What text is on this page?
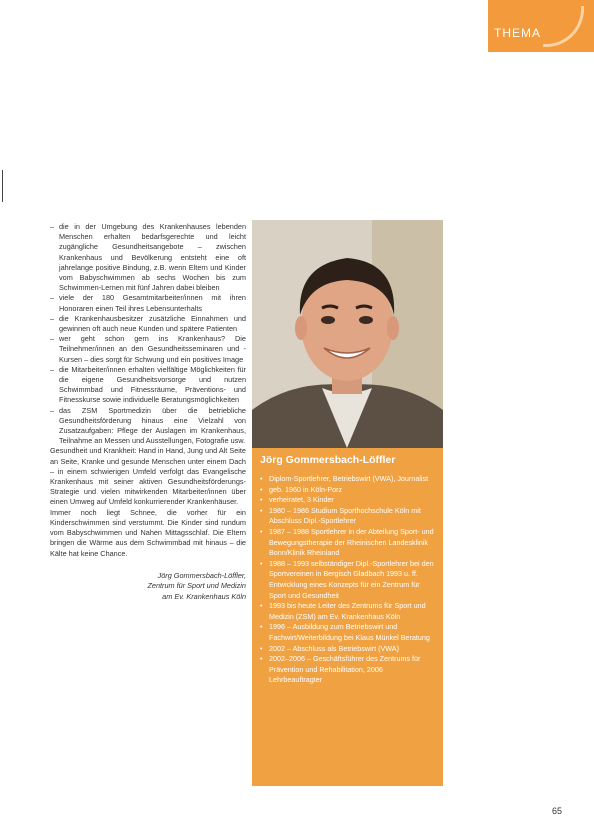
THEMA
– die in der Umgebung des Krankenhauses lebenden Menschen erhalten bedarfsgerechte und leicht zugängliche Gesundheitsangebote – zwischen Krankenhaus und Bevölkerung entsteht eine oft jahrelange positive Bindung, z.B. wenn Eltern und Kinder vom Babyschwimmen ab sechs Wochen bis zum Schwimmen-Lernen mit fünf Jahren dabei bleiben
– viele der 180 Gesamtmitarbeiter/innen mit ihren Honoraren einen Teil ihres Lebensunterhalts
– die Krankenhausbesitzer zusätzliche Einnahmen und gewinnen oft auch neue Kunden und spätere Patienten
– wer geht schon gern ins Krankenhaus? Die Teilnehmer/innen an den Gesundheitsseminaren und -Kursen – dies sorgt für Schwung und ein positives Image
– die Mitarbeiter/innen erhalten vielfältige Möglichkeiten für die eigene Gesundheitsvorsorge und nutzen Schwimmbad und Fitnessräume, Präventions- und Fitnesskurse sowie individuelle Beratungsmöglichkeiten
– das ZSM Sportmedizin über die betriebliche Gesundheitsförderung hinaus eine Vielzahl von Zusatzaufgaben: Pflege der Auslagen im Krankenhaus, Teilnahme an Messen und Ausstellungen, Fotografie usw.

Gesundheit und Krankheit: Hand in Hand, Jung und Alt Seite an Seite, Kranke und gesunde Menschen unter einem Dach – in einem schwierigen Umfeld verfolgt das Evangelische Krankenhaus mit seiner aktiven Gesundheitsförderungs-Strategie und vielen mitwirkenden Mitarbeiter/innen über einen Umweg auf Umfeld konkurrierender Krankenhäuser.

Immer noch liegt Schnee, die vorher für ein Kinderschwimmen sind verstummt. Die Kinder sind rundum vom Babyschwimmen und Nahen Mittagsschlaf. Die Eltern bringen die Wärme aus dem Schwimmbad mit hinaus – die Kälte hat keine Chance.

Jörg Gommersbach-Löffler,
Zentrum für Sport und Medizin
am Ev. Krankenhaus Köln
Jörg Gommersbach-Löffler
• Diplom-Sportlehrer, Betriebswirt (VWA), Journalist
• geb. 1960 in Köln-Porz
• verheiratet, 3 Kinder
• 1980 – 1986 Studium Sporthochschule Köln mit Abschluss Dipl.-Sportlehrer
• 1987 – 1988 Sportlehrer in der Abteilung Sport- und Bewegungstherapie der Rheinischen Landesklinik Bonn/Klinik Rheinland
• 1988 – 1993 selbständiger Dipl.-Sportlehrer bei den Sportvereinen in Bergisch Gladbach 1993 u. ff. Entwicklung eines Konzepts für ein Zentrum für Sport und Gesundheit
• 1993 bis heute Leiter des Zentrums für Sport und Medizin (ZSM) am Ev. Krankenhaus Köln
• 1996 – Ausbildung zum Betriebswirt und Fachwirt/Weiterbildung bei Klaus Münkel Beratung
• 2002 – Abschluss als Betriebswirt (VWA)
• 2002–2006 – Geschäftsführer des Zentrums für Prävention und Rehabilitation, 2006 Lehrbeauftragter
65
